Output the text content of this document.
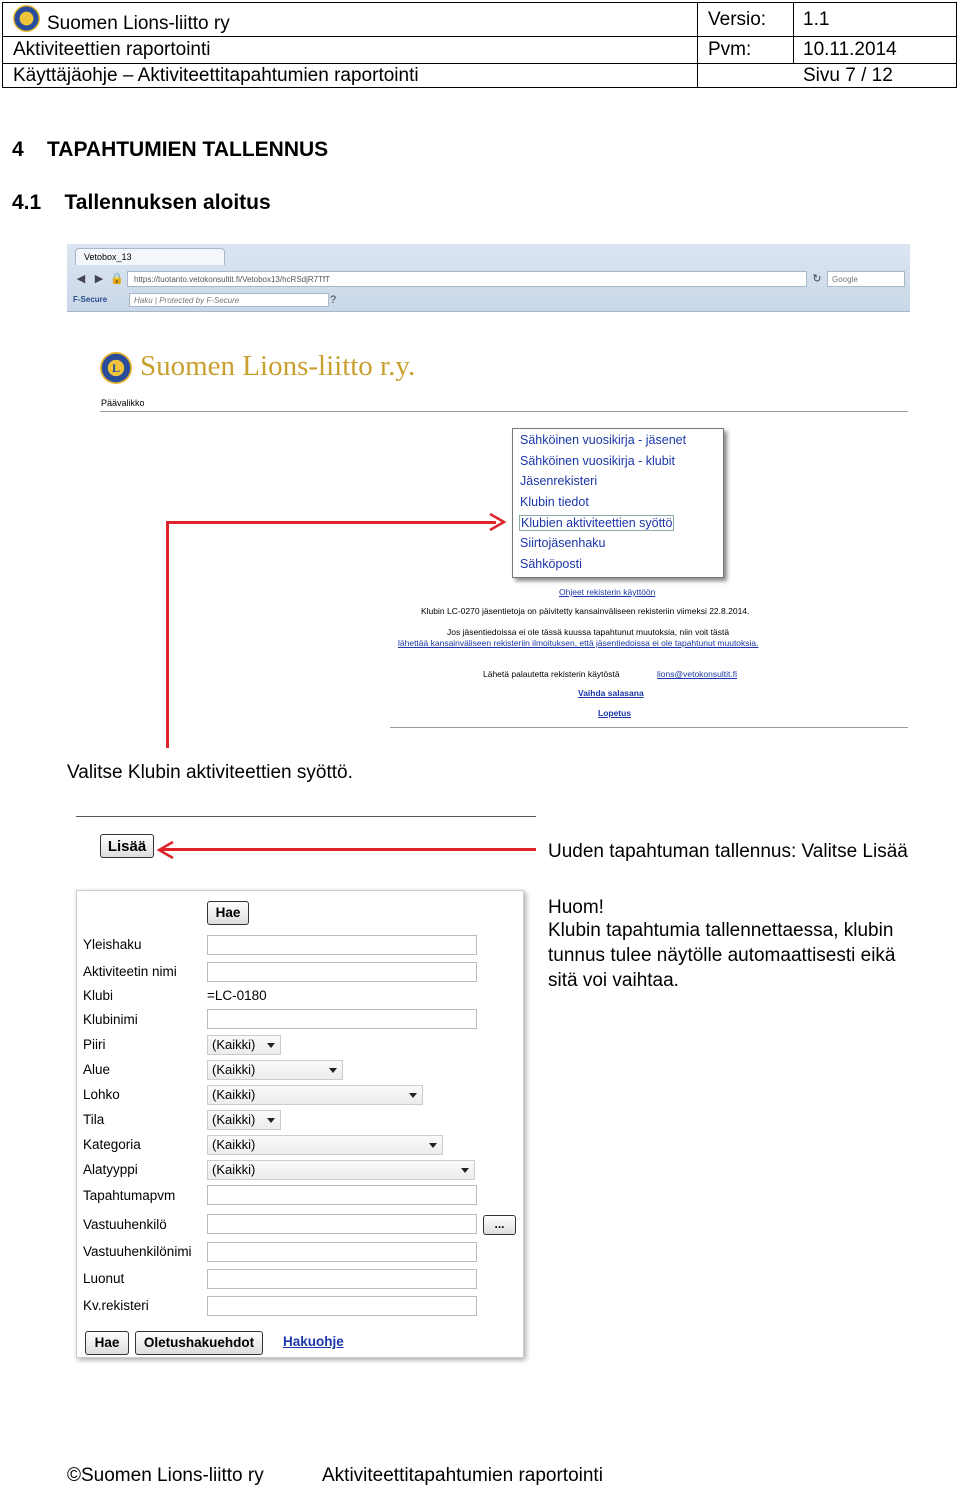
Suomen Lions-liitto ry	Versio: 1.1
Aktiviteettien raportointi	Pvm:	10.11.2014
Käyttäjäohje – Aktiviteettitapahtumien raportointi	Sivu 7 / 12
4    TAPAHTUMIEN TALLENNUS
4.1    Tallennuksen aloitus
Vetobox_13
◀ ▶ 🔒	https://tuotanto.vetokonsultit.fi/Vetobox13/hcRSdjR7TfT	↻	Google
F-Secure	Haku | Protected by F-Secure	?
L Suomen Lions-liitto r.y.
Päävalikko
Sähköinen vuosikirja - jäsenet
Sähköinen vuosikirja - klubit
Jäsenrekisteri
Klubin tiedot
Klubien aktiviteettien syöttö
Siirtojäsenhaku
Sähköposti
Ohjeet rekisterin käyttöön
Klubin LC-0270 jäsentietoja on päivitetty kansainväliseen rekisteriin viimeksi 22.8.2014.
Jos jäsentiedoissa ei ole tässä kuussa tapahtunut muutoksia, niin voit tästä
lähettää kansainväliseen rekisteriin ilmoituksen, että jäsentiedoissa ei ole tapahtunut muutoksia.
Lähetä palautetta rekisterin käytöstä	lions@vetokonsultit.fi
Vaihda salasana
Lopetus
Valitse Klubin aktiviteettien syöttö.
Lisää	Uuden tapahtuman tallennus: Valitse Lisää
Huom!
Klubin tapahtumia tallennettaessa, klubin
tunnus tulee näytölle automaattisesti eikä
sitä voi vaihtaa.
Hae
Yleishaku
Aktiviteetin nimi
Klubi	=LC-0180
Klubinimi
Piiri	(Kaikki)
Alue	(Kaikki)
Lohko	(Kaikki)
Tila	(Kaikki)
Kategoria	(Kaikki)
Alatyyppi	(Kaikki)
Tapahtumapvm
Vastuuhenkilö	...
Vastuuhenkilönimi
Luonut
Kv.rekisteri
Hae	Oletushakuehdot	Hakuohje
©Suomen Lions-liitto ry	Aktiviteettitapahtumien raportointi
